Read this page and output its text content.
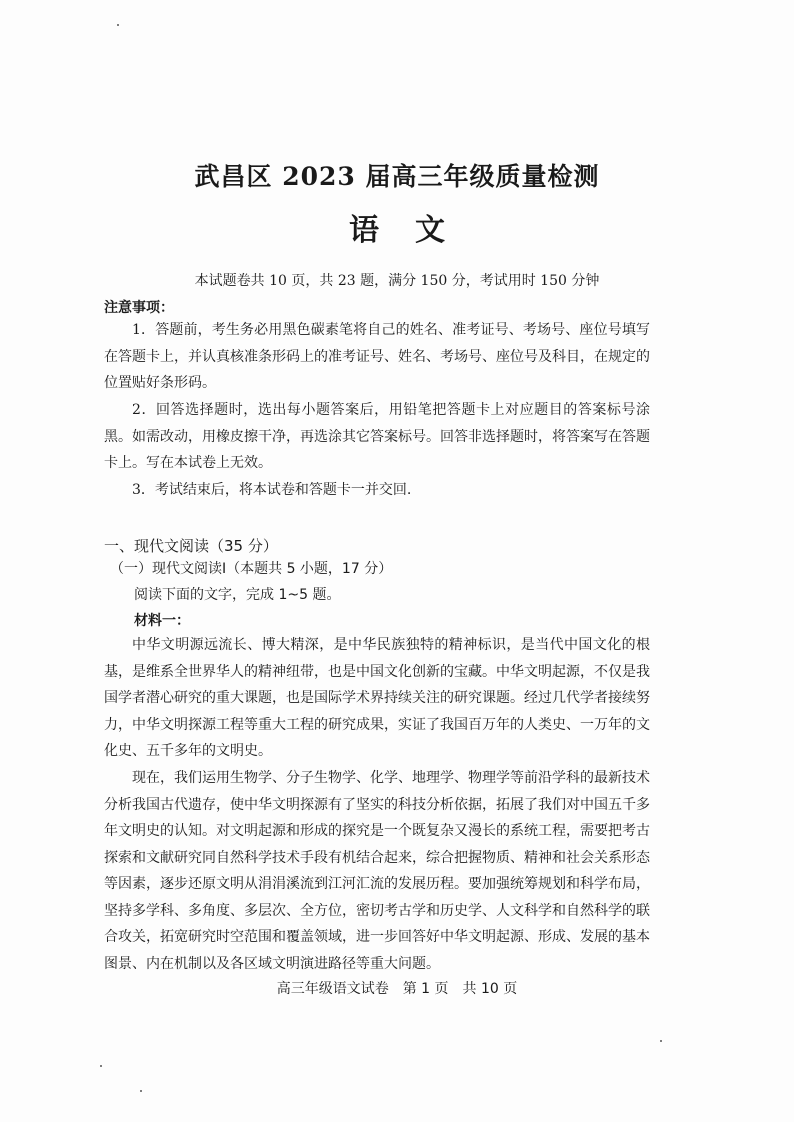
武昌区 2023 届高三年级质量检测
语文
本试题卷共 10 页，共 23 题，满分 150 分，考试用时 150 分钟
注意事项：

1．答题前，考生务必用黑色碳素笔将自己的姓名、准考证号、考场号、座位号填写在答题卡上，并认真核准条形码上的准考证号、姓名、考场号、座位号及科目，在规定的位置贴好条形码。

2．回答选择题时，选出每小题答案后，用铅笔把答题卡上对应题目的答案标号涂黑。如需改动，用橡皮擦干净，再选涂其它答案标号。回答非选择题时，将答案写在答题卡上。写在本试卷上无效。

3．考试结束后，将本试卷和答题卡一并交回.

一、现代文阅读（35 分）
（一）现代文阅读Ⅰ（本题共 5 小题，17 分）
阅读下面的文字，完成 1~5 题。
材料一：

中华文明源远流长、博大精深，是中华民族独特的精神标识，是当代中国文化的根基，是维系全世界华人的精神纽带，也是中国文化创新的宝藏。中华文明起源，不仅是我国学者潜心研究的重大课题，也是国际学术界持续关注的研究课题。经过几代学者接续努力，中华文明探源工程等重大工程的研究成果，实证了我国百万年的人类史、一万年的文化史、五千多年的文明史。

现在，我们运用生物学、分子生物学、化学、地理学、物理学等前沿学科的最新技术分析我国古代遗存，使中华文明探源有了坚实的科技分析依据，拓展了我们对中国五千多年文明史的认知。对文明起源和形成的探究是一个既复杂又漫长的系统工程，需要把考古探索和文献研究同自然科学技术手段有机结合起来，综合把握物质、精神和社会关系形态等因素，逐步还原文明从涓涓溪流到江河汇流的发展历程。要加强统筹规划和科学布局，坚持多学科、多角度、多层次、全方位，密切考古学和历史学、人文科学和自然科学的联合攻关，拓宽研究时空范围和覆盖领域，进一步回答好中华文明起源、形成、发展的基本图景、内在机制以及各区域文明演进路径等重大问题。

高三年级语文试卷　第 1 页　共 10 页
